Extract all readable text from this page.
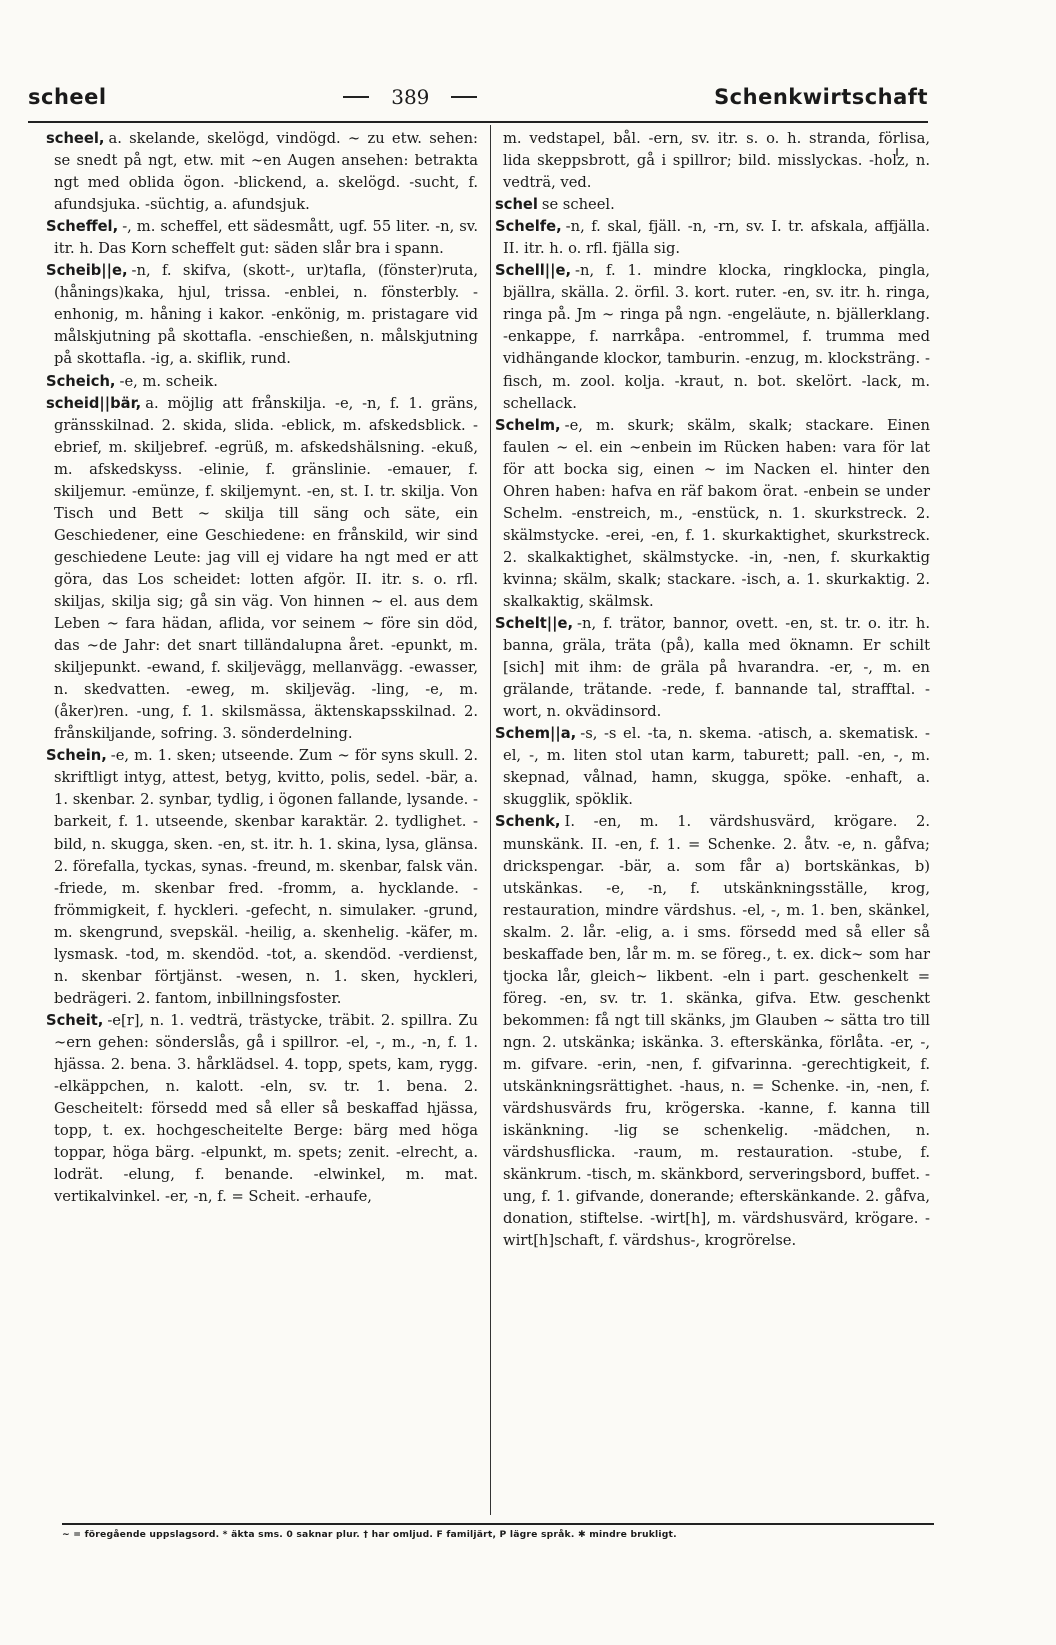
scheel	389	Schenkwirtschaft

scheel, a. skelande, skelögd, vindögd. ∼ zu etw. sehen: se snedt på ngt, etw. mit ∼en Augen ansehen: betrakta ngt med oblida ögon. -blickend, a. skelögd. -sucht, f. afundsjuka. -süchtig, a. afundsjuk.

Scheffel, -, m. scheffel, ett sädesmått, ugf. 55 liter. -n, sv. itr. h. Das Korn scheffelt gut: säden slår bra i spann.

Scheib||e, -n, f. skifva, (skott-, ur)tafla, (fönster)ruta, (hånings)kaka, hjul, trissa. -enblei, n. fönsterbly. -enhonig, m. håning i kakor. -enkönig, m. pristagare vid målskjutning på skottafla. -enschießen, n. målskjutning på skottafla. -ig, a. skiflik, rund.

Scheich, -e, m. scheik.

scheid||bär, a. möjlig att frånskilja. -e, -n, f. 1. gräns, gränsskilnad. 2. skida, slida. -eblick, m. afskedsblick. -ebrief, m. skiljebref. -egrüß, m. afskedshälsning. -ekuß, m. afskedskyss. -elinie, f. gränslinie. -emauer, f. skiljemur. -emünze, f. skiljemynt. -en, st. I. tr. skilja. Von Tisch und Bett ∼ skilja till säng och säte, ein Geschiedener, eine Geschiedene: en frånskild, wir sind geschiedene Leute: jag vill ej vidare ha ngt med er att göra, das Los scheidet: lotten afgör. II. itr. s. o. rfl. skiljas, skilja sig; gå sin väg. Von hinnen ∼ el. aus dem Leben ∼ fara hädan, aflida, vor seinem ∼ före sin död, das ∼de Jahr: det snart tilländalupna året. -epunkt, m. skiljepunkt. -ewand, f. skiljevägg, mellanvägg. -ewasser, n. skedvatten. -eweg, m. skiljeväg. -ling, -e, m. (åker)ren. -ung, f. 1. skilsmässa, äktenskapsskilnad. 2. frånskiljande, sofring. 3. sönderdelning.

Schein, -e, m. 1. sken; utseende. Zum ∼ för syns skull. 2. skriftligt intyg, attest, betyg, kvitto, polis, sedel. -bär, a. 1. skenbar. 2. synbar, tydlig, i ögonen fallande, lysande. -barkeit, f. 1. utseende, skenbar karaktär. 2. tydlighet. -bild, n. skugga, sken. -en, st. itr. h. 1. skina, lysa, glänsa. 2. förefalla, tyckas, synas. -freund, m. skenbar, falsk vän. -friede, m. skenbar fred. -fromm, a. hycklande. -frömmigkeit, f. hyckleri. -gefecht, n. simulaker. -grund, m. skengrund, svepskäl. -heilig, a. skenhelig. -käfer, m. lysmask. -tod, m. skendöd. -tot, a. skendöd. -verdienst, n. skenbar förtjänst. -wesen, n. 1. sken, hyckleri, bedrägeri. 2. fantom, inbillningsfoster.

Scheit, -e[r], n. 1. vedträ, trästycke, träbit. 2. spillra. Zu ∼ern gehen: sönderslås, gå i spillror. -el, -, m., -n, f. 1. hjässa. 2. bena. 3. hårklädsel. 4. topp, spets, kam, rygg. -elkäppchen, n. kalott. -eln, sv. tr. 1. bena. 2. Gescheitelt: försedd med så eller så beskaffad hjässa, topp, t. ex. hochgescheitelte Berge: bärg med höga toppar, höga bärg. -elpunkt, m. spets; zenit. -elrecht, a. lodrät. -elung, f. benande. -elwinkel, m. mat. vertikalvinkel. -er, -n, f. = Scheit. -erhaufe,

m. vedstapel, bål. -ern, sv. itr. s. o. h. strandа, förlisa, lida skeppsbrott, gå i spillror; bild. misslyckas. -holz, n. vedträ, ved.

schel se scheel.

Schelfe, -n, f. skal, fjäll. -n, -rn, sv. I. tr. afskala, affjälla. II. itr. h. o. rfl. fjälla sig.

Schell||e, -n, f. 1. mindre klocka, ringklocka, pingla, bjällra, skälla. 2. örfil. 3. kort. ruter. -en, sv. itr. h. ringa, ringa på. Jm ∼ ringa på ngn. -engeläute, n. bjällerklang. -enkappe, f. narrkåpa. -entrommel, f. trumma med vidhängande klockor, tamburin. -enzug, m. klocksträng. -fisch, m. zool. kolja. -kraut, n. bot. skelört. -lack, m. schellack.

Schelm, -e, m. skurk; skälm, skalk; stackare. Einen faulen ∼ el. ein ∼enbein im Rücken haben: vara för lat för att bocka sig, einen ∼ im Nacken el. hinter den Ohren haben: hafva en räf bakom örat. -enbein se under Schelm. -enstreich, m., -enstück, n. 1. skurkstreck. 2. skälmstycke. -erei, -en, f. 1. skurkaktighet, skurkstreck. 2. skalkaktighet, skälmstycke. -in, -nen, f. skurkaktig kvinna; skälm, skalk; stackare. -isch, a. 1. skurkaktig. 2. skalkaktig, skälmsk.

Schelt||e, -n, f. trätor, bannor, ovett. -en, st. tr. o. itr. h. banna, gräla, träta (på), kalla med öknamn. Er schilt [sich] mit ihm: de gräla på hvarandra. -er, -, m. en grälande, trätande. -rede, f. bannande tal, strafftal. -wort, n. okvädinsord.

Schem||a, -s, -s el. -ta, n. skema. -atisch, a. skematisk. -el, -, m. liten stol utan karm, taburett; pall. -en, -, m. skepnad, vålnad, hamn, skugga, spöke. -enhaft, a. skugglik, spöklik.

Schenk, I. -en, m. 1. värdshusvärd, krögare. 2. munskänk. II. -en, f. 1. = Schenke. 2. åtv. -e, n. gåfva; drickspengar. -bär, a. som får a) bortskänkas, b) utskänkas. -e, -n, f. utskänkningsställe, krog, restauration, mindre värdshus. -el, -, m. 1. ben, skänkel, skalm. 2. lår. -elig, a. i sms. försedd med så eller så beskaffade ben, lår m. m. se föreg., t. ex. dick∼ som har tjocka lår, gleich∼ likbent. -eln i part. geschenkelt = föreg. -en, sv. tr. 1. skänka, gifva. Etw. geschenkt bekommen: få ngt till skänks, jm Glauben ∼ sätta tro till ngn. 2. utskänka; iskänka. 3. efterskänka, förlåta. -er, -, m. gifvare. -erin, -nen, f. gifvarinna. -gerechtigkeit, f. utskänkningsrättighet. -haus, n. = Schenke. -in, -nen, f. värdshusvärds fru, krögerska. -kanne, f. kanna till iskänkning. -lig se schenkelig. -mädchen, n. värdshusflicka. -raum, m. restauration. -stube, f. skänkrum. -tisch, m. skänkbord, serveringsbord, buffet. -ung, f. 1. gifvande, donerande; efterskänkande. 2. gåfva, donation, stiftelse. -wirt[h], m. värdshusvärd, krögare. -wirt[h]schaft, f. värdshus-, krogrörelse.

∼ = föregående uppslagsord. * äkta sms. 0 saknar plur. † har omljud. F familjärt, P lägre språk. ✱ mindre brukligt.
